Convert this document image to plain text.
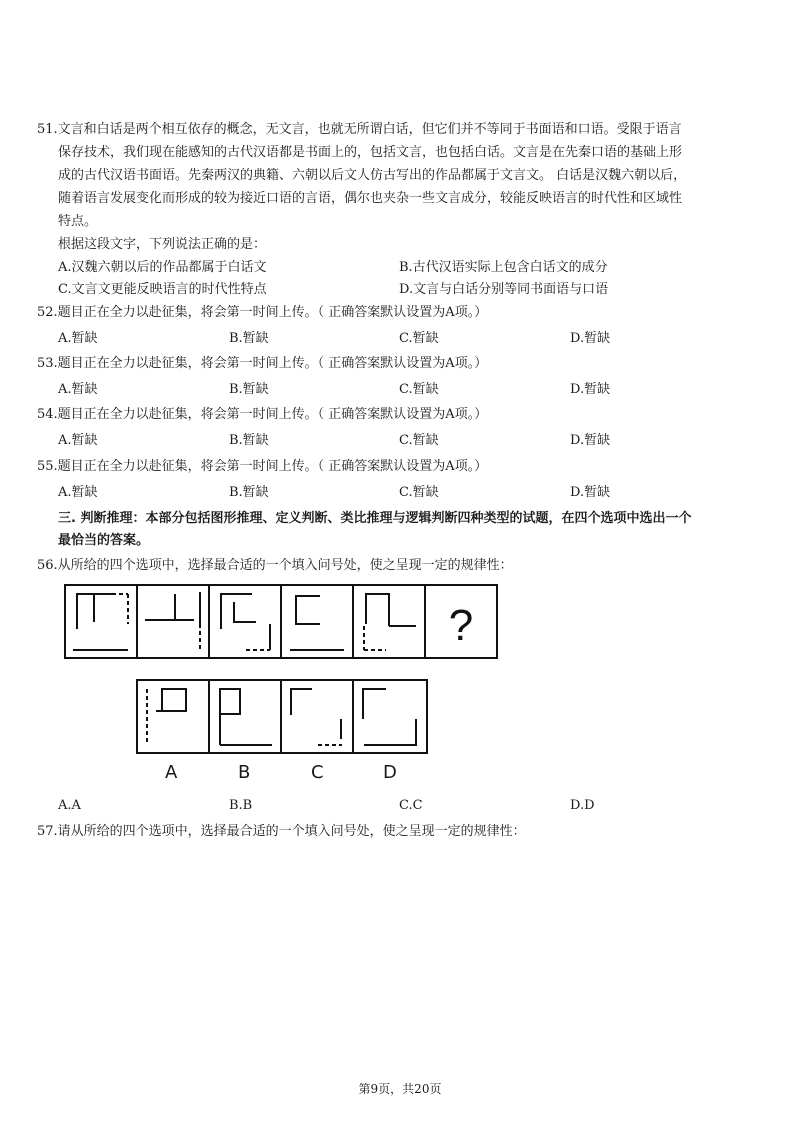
51.文言和白话是两个相互依存的概念，无文言，也就无所谓白话，但它们并不等同于书面语和口语。受限于语言
保存技术，我们现在能感知的古代汉语都是书面上的，包括文言，也包括白话。文言是在先秦口语的基础上形
成的古代汉语书面语。先秦两汉的典籍、六朝以后文人仿古写出的作品都属于文言文。 白话是汉魏六朝以后，
随着语言发展变化而形成的较为接近口语的言语，偶尔也夹杂一些文言成分，较能反映语言的时代性和区域性
特点。
根据这段文字，下列说法正确的是：
A.汉魏六朝以后的作品都属于白话文	B.古代汉语实际上包含白话文的成分
C.文言文更能反映语言的时代性特点	D.文言与白话分别等同书面语与口语
52.题目正在全力以赴征集，将会第一时间上传。（ 正确答案默认设置为A项。）
A.暂缺	B.暂缺	C.暂缺	D.暂缺
53.题目正在全力以赴征集，将会第一时间上传。（ 正确答案默认设置为A项。）
A.暂缺	B.暂缺	C.暂缺	D.暂缺
54.题目正在全力以赴征集，将会第一时间上传。（ 正确答案默认设置为A项。）
A.暂缺	B.暂缺	C.暂缺	D.暂缺
55.题目正在全力以赴征集，将会第一时间上传。（ 正确答案默认设置为A项。）
A.暂缺	B.暂缺	C.暂缺	D.暂缺
三. 判断推理：本部分包括图形推理、定义判断、类比推理与逻辑判断四种类型的试题，在四个选项中选出一个
最恰当的答案。
56.从所给的四个选项中，选择最合适的一个填入问号处，使之呈现一定的规律性：
?
A	B	C	D
A.A	B.B	C.C	D.D
57.请从所给的四个选项中，选择最合适的一个填入问号处，使之呈现一定的规律性：
第9页，共20页
